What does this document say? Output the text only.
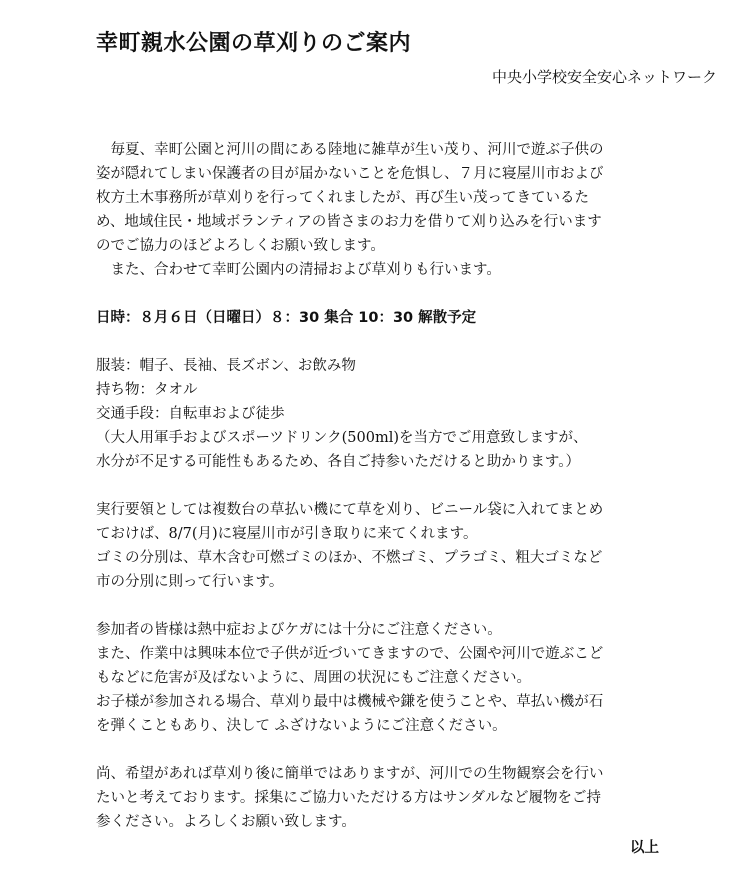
幸町親水公園の草刈りのご案内
中央小学校安全安心ネットワーク
　毎夏、幸町公園と河川の間にある陸地に雑草が生い茂り、河川で遊ぶ子供の
姿が隠れてしまい保護者の目が届かないことを危惧し、７月に寝屋川市および
枚方土木事務所が草刈りを行ってくれましたが、再び生い茂ってきているた
め、地域住民・地域ボランティアの皆さまのお力を借りて刈り込みを行います
のでご協力のほどよろしくお願い致します。
　また、合わせて幸町公園内の清掃および草刈りも行います。
日時：８月６日（日曜日）８：30 集合 10：30 解散予定
服装：帽子、長袖、長ズボン、お飲み物
持ち物：タオル
交通手段：自転車および徒歩
（大人用軍手およびスポーツドリンク(500ml)を当方でご用意致しますが、
水分が不足する可能性もあるため、各自ご持参いただけると助かります。）
実行要領としては複数台の草払い機にて草を刈り、ビニール袋に入れてまとめ
ておけば、8/7(月)に寝屋川市が引き取りに来てくれます。
ゴミの分別は、草木含む可燃ゴミのほか、不燃ゴミ、プラゴミ、粗大ゴミなど
市の分別に則って行います。
参加者の皆様は熱中症およびケガには十分にご注意ください。
また、作業中は興味本位で子供が近づいてきますので、公園や河川で遊ぶこど
もなどに危害が及ばないように、周囲の状況にもご注意ください。
お子様が参加される場合、草刈り最中は機械や鎌を使うことや、草払い機が石
を弾くこともあり、決して ふざけないようにご注意ください。
尚、希望があれば草刈り後に簡単ではありますが、河川での生物観察会を行い
たいと考えております。採集にご協力いただける方はサンダルなど履物をご持
参ください。よろしくお願い致します。
以上
